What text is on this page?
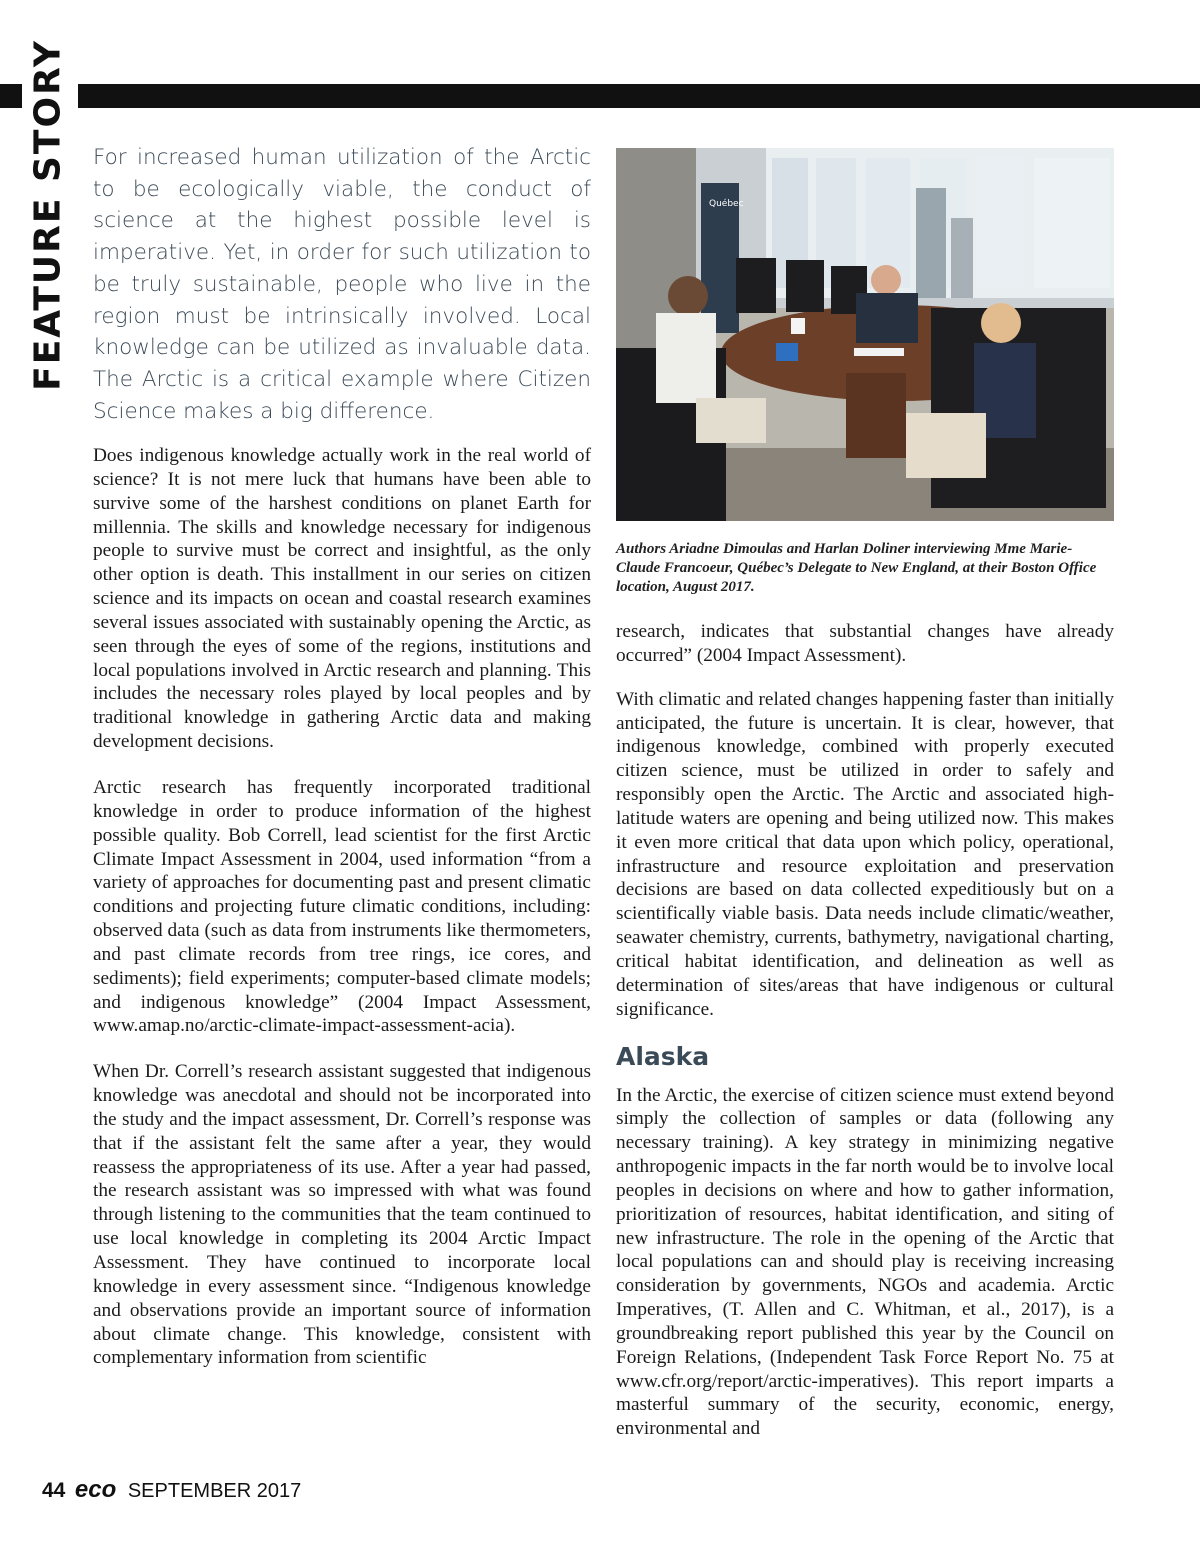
FEATURE STORY For increased human utilization of the Arctic to be ecologically viable, the conduct of science at the highest possible level is imperative. Yet, in order for such utilization to be truly sustainable, people who live in the region must be intrinsically involved. Local knowledge can be utilized as invaluable data. The Arctic is a critical example where Citizen Science makes a big difference.

Does indigenous knowledge actually work in the real world of science? It is not mere luck that humans have been able to survive some of the harshest conditions on planet Earth for millennia. The skills and knowledge necessary for indigenous people to survive must be correct and insightful, as the only other option is death. This installment in our series on citizen science and its impacts on ocean and coastal research examines several issues associated with sustainably opening the Arctic, as seen through the eyes of some of the regions, institutions and local populations involved in Arctic research and planning. This includes the necessary roles played by local peoples and by traditional knowledge in gathering Arctic data and making development decisions.

Arctic research has frequently incorporated traditional knowledge in order to produce information of the highest possible quality. Bob Correll, lead scientist for the first Arctic Climate Impact Assessment in 2004, used information “from a variety of approaches for documenting past and present climatic conditions and projecting future climatic conditions, including: observed data (such as data from instruments like thermometers, and past climate records from tree rings, ice cores, and sediments); field experiments; computer-based climate models; and indigenous knowledge” (2004 Impact Assessment, www.amap.no/arctic-climate-impact-assessment-acia).

When Dr. Correll’s research assistant suggested that indigenous knowledge was anecdotal and should not be incorporated into the study and the impact assessment, Dr. Correll’s response was that if the assistant felt the same after a year, they would reassess the appropriateness of its use. After a year had passed, the research assistant was so impressed with what was found through listening to the communities that the team continued to use local knowledge in completing its 2004 Arctic Impact Assessment. They have continued to incorporate local knowledge in every assessment since. “Indigenous knowledge and observations provide an important source of information about climate change. This knowledge, consistent with complementary information from scientific

Québec

Authors Ariadne Dimoulas and Harlan Doliner interviewing Mme Marie-Claude Francoeur, Québec’s Delegate to New England, at their Boston Office location, August 2017.

research, indicates that substantial changes have already occurred” (2004 Impact Assessment).

With climatic and related changes happening faster than initially anticipated, the future is uncertain. It is clear, however, that indigenous knowledge, combined with properly executed citizen science, must be utilized in order to safely and responsibly open the Arctic. The Arctic and associated high-latitude waters are opening and being utilized now. This makes it even more critical that data upon which policy, operational, infrastructure and resource exploitation and preservation decisions are based on data collected expeditiously but on a scientifically viable basis. Data needs include climatic/weather, seawater chemistry, currents, bathymetry, navigational charting, critical habitat identification, and delineation as well as determination of sites/areas that have indigenous or cultural significance.

Alaska

In the Arctic, the exercise of citizen science must extend beyond simply the collection of samples or data (following any necessary training). A key strategy in minimizing negative anthropogenic impacts in the far north would be to involve local peoples in decisions on where and how to gather information, prioritization of resources, habitat identification, and siting of new infrastructure. The role in the opening of the Arctic that local populations can and should play is receiving increasing consideration by governments, NGOs and academia. Arctic Imperatives, (T. Allen and C. Whitman, et al., 2017), is a groundbreaking report published this year by the Council on Foreign Relations, (Independent Task Force Report No. 75 at www.cfr.org/report/arctic-imperatives). This report imparts a masterful summary of the security, economic, energy, environmental and

44 eco SEPTEMBER 2017
